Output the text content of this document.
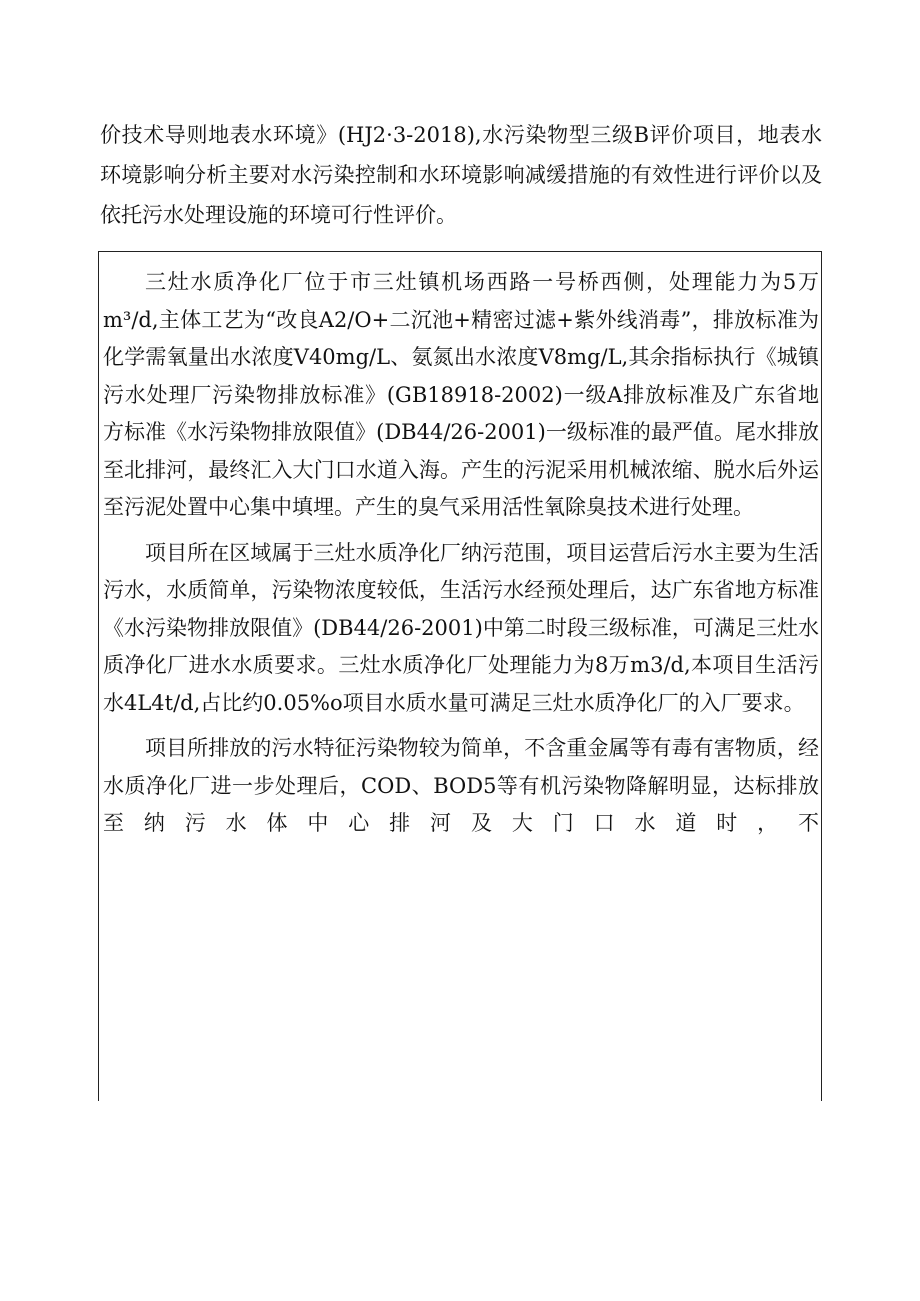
价技术导则地表水环境》(HJ2·3-2018),水污染物型三级B评价项目，地表水环境影响分析主要对水污染控制和水环境影响减缓措施的有效性进行评价以及依托污水处理设施的环境可行性评价。

三灶水质净化厂位于市三灶镇机场西路一号桥西侧，处理能力为5万m³/d,主体工艺为“改良A2/O+二沉池+精密过滤+紫外线消毒”，排放标准为化学需氧量出水浓度V40mg/L、氨氮出水浓度V8mg/L,其余指标执行《城镇污水处理厂污染物排放标准》(GB18918-2002)一级A排放标准及广东省地方标准《水污染物排放限值》(DB44/26-2001)一级标准的最严值。尾水排放至北排河，最终汇入大门口水道入海。产生的污泥采用机械浓缩、脱水后外运至污泥处置中心集中填埋。产生的臭气采用活性氧除臭技术进行处理。

项目所在区域属于三灶水质净化厂纳污范围，项目运营后污水主要为生活污水，水质简单，污染物浓度较低，生活污水经预处理后，达广东省地方标准《水污染物排放限值》(DB44/26-2001)中第二时段三级标准，可满足三灶水质净化厂进水水质要求。三灶水质净化厂处理能力为8万m3/d,本项目生活污水4L4t/d,占比约0.05%o项目水质水量可满足三灶水质净化厂的入厂要求。

项目所排放的污水特征污染物较为简单，不含重金属等有毒有害物质，经水质净化厂进一步处理后，COD、BOD5等有机污染物降解明显，达标排放至纳污水体中心排河及大门口水道时，不
